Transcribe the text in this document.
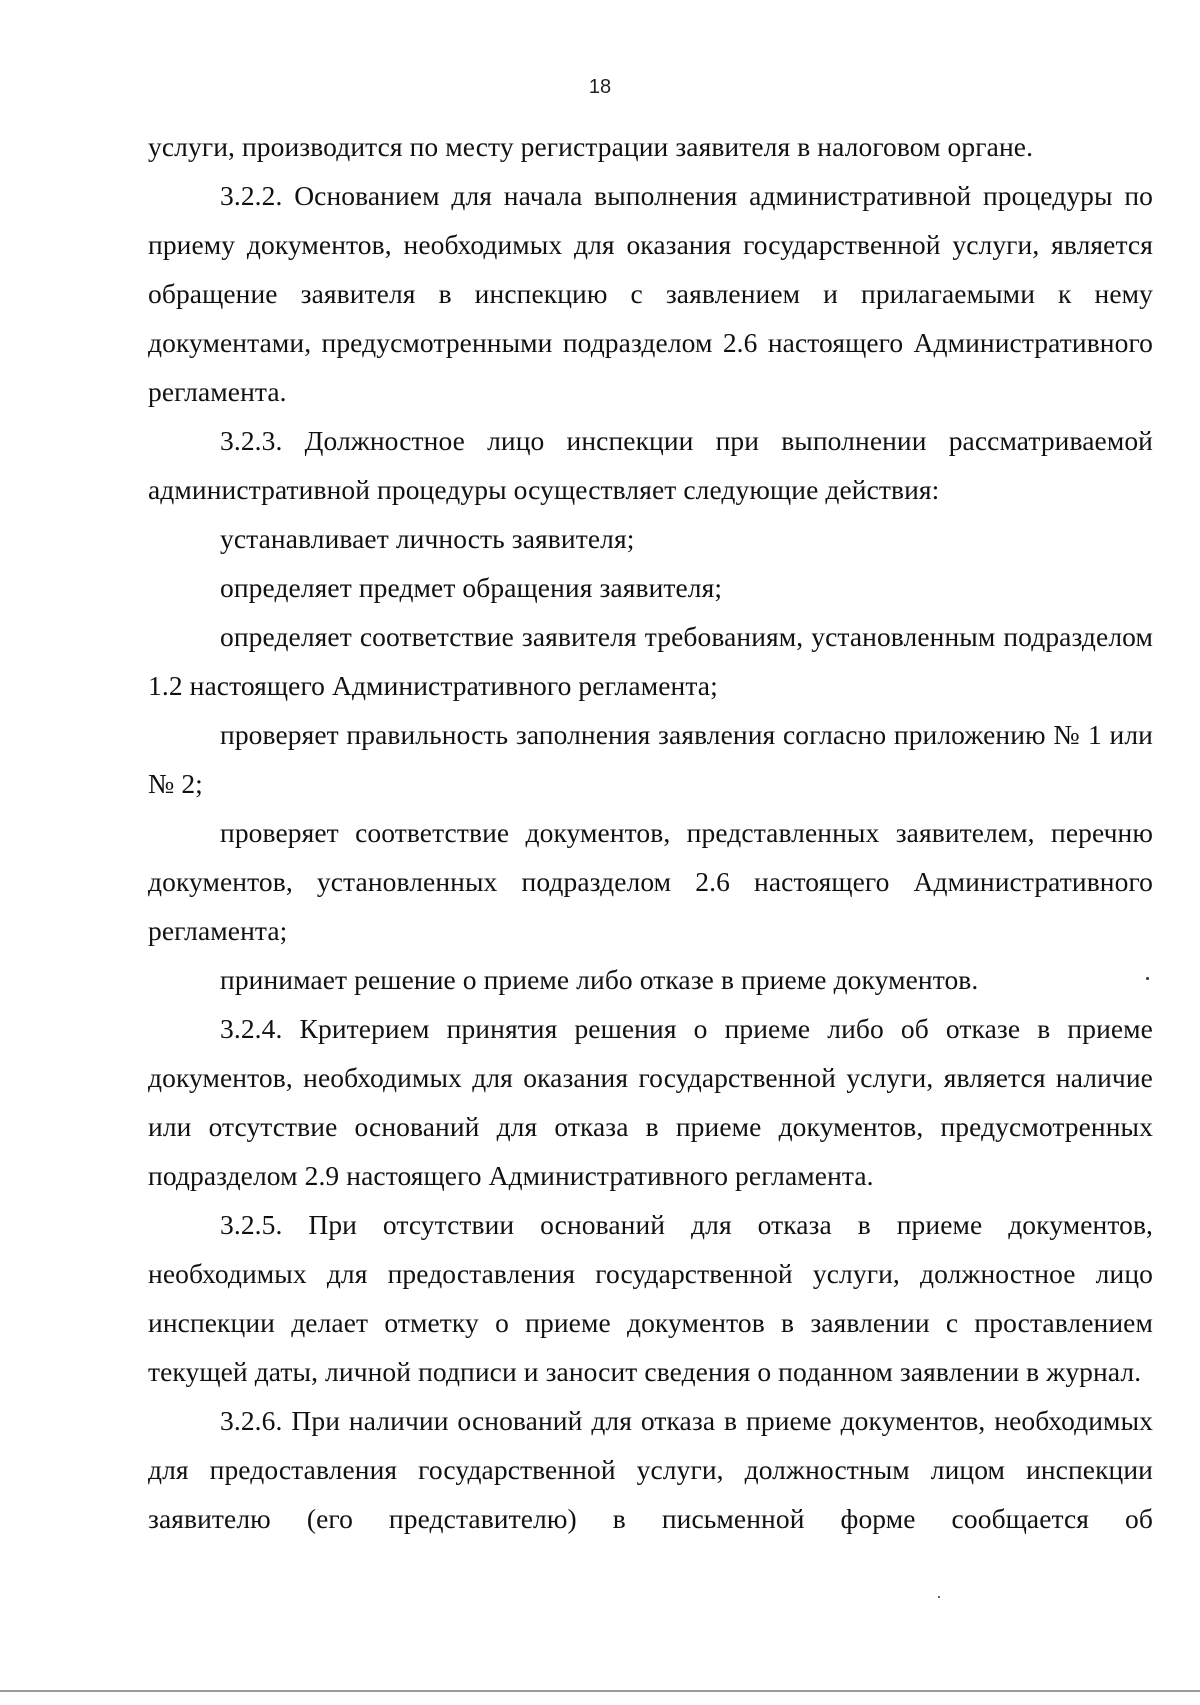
18

услуги, производится по месту регистрации заявителя в налоговом органе.

3.2.2. Основанием для начала выполнения административной процедуры по приему документов, необходимых для оказания государственной услуги, является обращение заявителя в инспекцию с заявлением и прилагаемыми к нему документами, предусмотренными подразделом 2.6 настоящего Административного регламента.

3.2.3. Должностное лицо инспекции при выполнении рассматриваемой административной процедуры осуществляет следующие действия:

устанавливает личность заявителя;

определяет предмет обращения заявителя;

определяет соответствие заявителя требованиям, установленным подразделом 1.2 настоящего Административного регламента;

проверяет правильность заполнения заявления согласно приложению № 1 или № 2;

проверяет соответствие документов, представленных заявителем, перечню документов, установленных подразделом 2.6 настоящего Административного регламента;

принимает решение о приеме либо отказе в приеме документов.

3.2.4. Критерием принятия решения о приеме либо об отказе в приеме документов, необходимых для оказания государственной услуги, является наличие или отсутствие оснований для отказа в приеме документов, предусмотренных подразделом 2.9 настоящего Административного регламента.

3.2.5. При отсутствии оснований для отказа в приеме документов, необходимых для предоставления государственной услуги, должностное лицо инспекции делает отметку о приеме документов в заявлении с проставлением текущей даты, личной подписи и заносит сведения о поданном заявлении в журнал.

3.2.6. При наличии оснований для отказа в приеме документов, необходимых для предоставления государственной услуги, должностным лицом инспекции заявителю (его представителю) в письменной форме сообщается об
